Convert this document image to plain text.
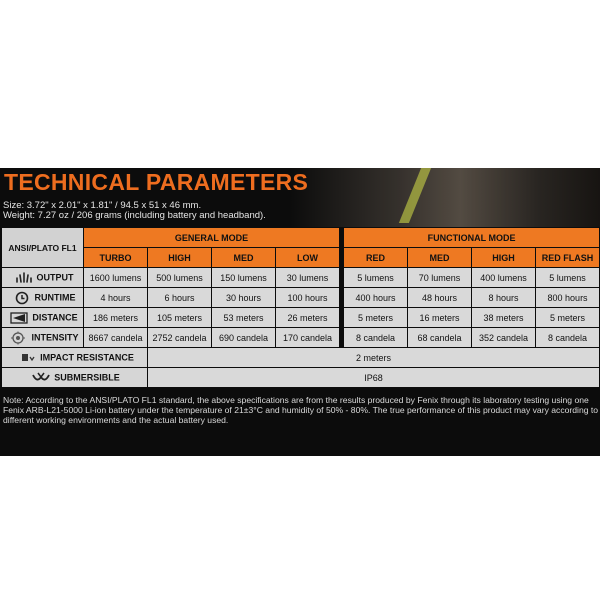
TECHNICAL PARAMETERS
Size: 3.72" x 2.01" x 1.81" / 94.5 x 51 x 46 mm.
Weight: 7.27 oz / 206 grams (including battery and headband).
ANSI/PLATO FL1	GENERAL MODE					FUNCTIONAL MODE			
	TURBO	HIGH	MED	LOW		RED	MED	HIGH	RED FLASH

OUTPUT	1600 lumens	500 lumens	150 lumens	30 lumens		5 lumens	70 lumens	400 lumens	5 lumens

RUNTIME	4 hours	6 hours	30 hours	100 hours		400 hours	48 hours	8 hours	800 hours

DISTANCE	186 meters	105 meters	53 meters	26 meters		5 meters	16 meters	38 meters	5 meters

INTENSITY	8667 candela	2752 candela	690 candela	170 candela		8 candela	68 candela	352 candela	8 candela

IMPACT RESISTANCE		2 meters							

SUBMERSIBLE		IP68							
Note: According to the ANSI/PLATO FL1 standard, the above specifications are from the results produced by Fenix through its laboratory testing using one Fenix ARB-L21-5000 Li-ion battery under the temperature of 21±3°C and humidity of 50% - 80%. The true performance of this product may vary according to different working environments and the actual battery used.
